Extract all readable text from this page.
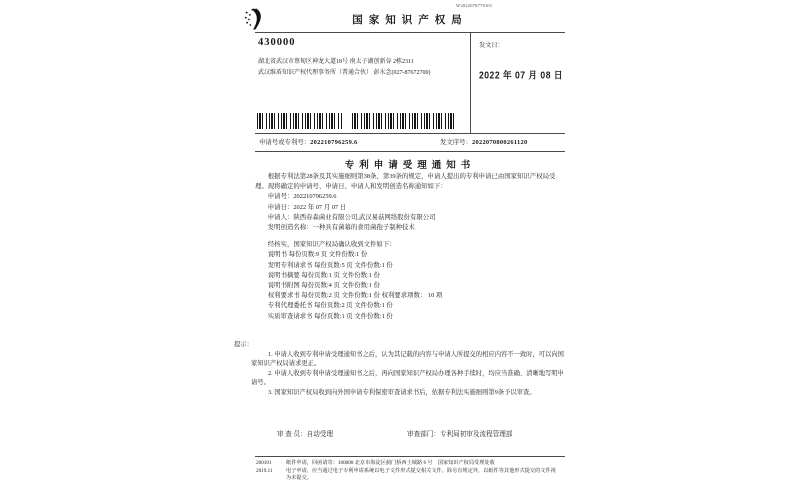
国家知识产权局
W2022070778101
430000
湖北省武汉市蔡甸区神龙大道18号 南太子湖创新谷 2栋2311
武汉维盾知识产权代理事务所（普通合伙） 彭水念(027-87672700)
发文日：
2022 年 07 月 08 日
申请号或专利号：202210796259.6	发文序号：2022070800261120
专利申请受理通知书

根据专利法第28条及其实施细则第38条、第39条的规定，申请人提出的专利申请已由国家知识产权局受理。现将确定的申请号、申请日、申请人和发明创造名称通知如下：

申请号：202210796259.6
申请日：2022 年 07 月 07 日
申请人：陕西春森菌业有限公司,武汉易菇网络股份有限公司
发明创造名称：一种具有菌幕的食用菌孢子制种技术
经核实，国家知识产权局确认收到文件如下：
说明书 每份页数:9 页 文件份数:1 份
发明专利请求书 每份页数:5 页 文件份数:1 份
说明书摘要 每份页数:1 页 文件份数:1 份
说明书附图 每份页数:4 页 文件份数:1 份
权利要求书 每份页数:2 页 文件份数:1 份 权利要求项数： 10 项
专利代理委托书 每份页数:2 页 文件份数:1 份
实质审查请求书 每份页数:1 页 文件份数:1 份
提示：

1. 申请人收到专利申请受理通知书之后，认为其记载的内容与申请人所提交的相应内容不一致时，可以向国家知识产权局请求更正。

2. 申请人收到专利申请受理通知书之后，再向国家知识产权局办理各种手续时，均应当准确、清晰地写明申请号。

3. 国家知识产权局收到向外国申请专利保密审查请求书后，依据专利法实施细则第9条予以审查。

审 查 员：自动受理	审查部门：专利局初审及流程管理部
200101	纸件申请，回函请寄：100088 北京市海淀区蓟门桥西土城路 6 号　国家知识产权局受理处收
2019.11	电子申请，应当通过电子专利申请系统以电子文件形式提交相关文件。除另有规定外，以纸件等其他形式提交的文件视为未提交。
